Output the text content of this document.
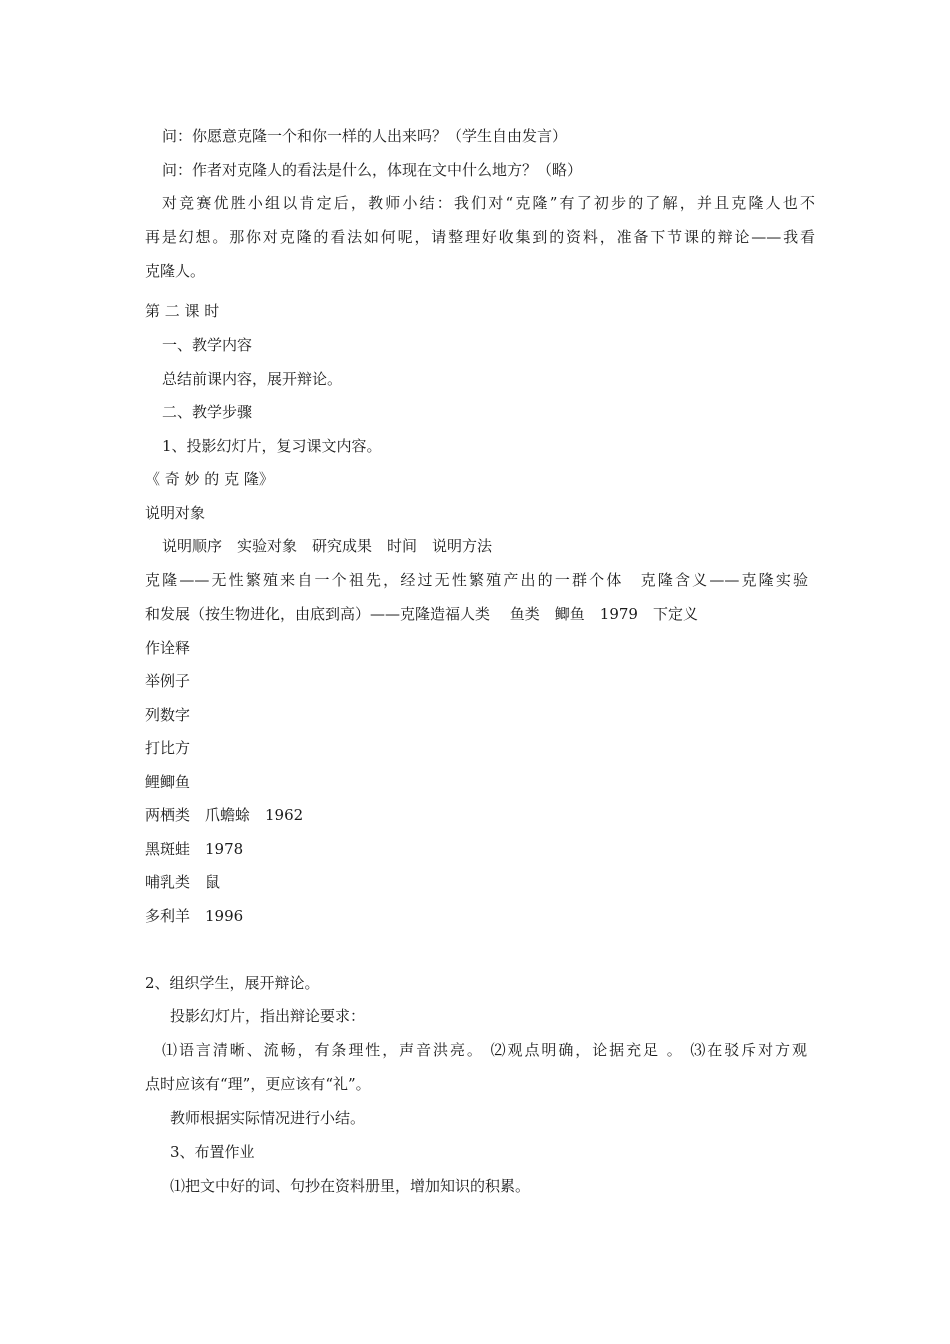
问：你愿意克隆一个和你一样的人出来吗？（学生自由发言）
问：作者对克隆人的看法是什么，体现在文中什么地方？（略）
对竞赛优胜小组以肯定后，教师小结：我们对“克隆”有了初步的了解，并且克隆人也不
再是幻想。那你对克隆的看法如何呢，请整理好收集到的资料，准备下节课的辩论——我看
克隆人。
第 二 课 时
一、教学内容
总结前课内容，展开辩论。
二、教学步骤
1、投影幻灯片，复习课文内容。
《 奇 妙 的 克 隆》
说明对象
说明顺序　实验对象　研究成果　时间　说明方法
克隆——无性繁殖来自一个祖先，经过无性繁殖产出的一群个体　克隆含义——克隆实验
和发展（按生物进化，由底到高）——克隆造福人类　 鱼类　鲫鱼　1979　下定义
作诠释
举例子
列数字
打比方
鲤鲫鱼
两栖类　爪蟾蜍　1962
黑斑蛙　1978
哺乳类　鼠
多利羊　1996
2、组织学生，展开辩论。
投影幻灯片，指出辩论要求：
⑴语言清晰、流畅，有条理性，声音洪亮。 ⑵观点明确，论据充足 。 ⑶在驳斥对方观
点时应该有“理”，更应该有“礼”。
教师根据实际情况进行小结。
3、布置作业
⑴把文中好的词、句抄在资料册里，增加知识的积累。
